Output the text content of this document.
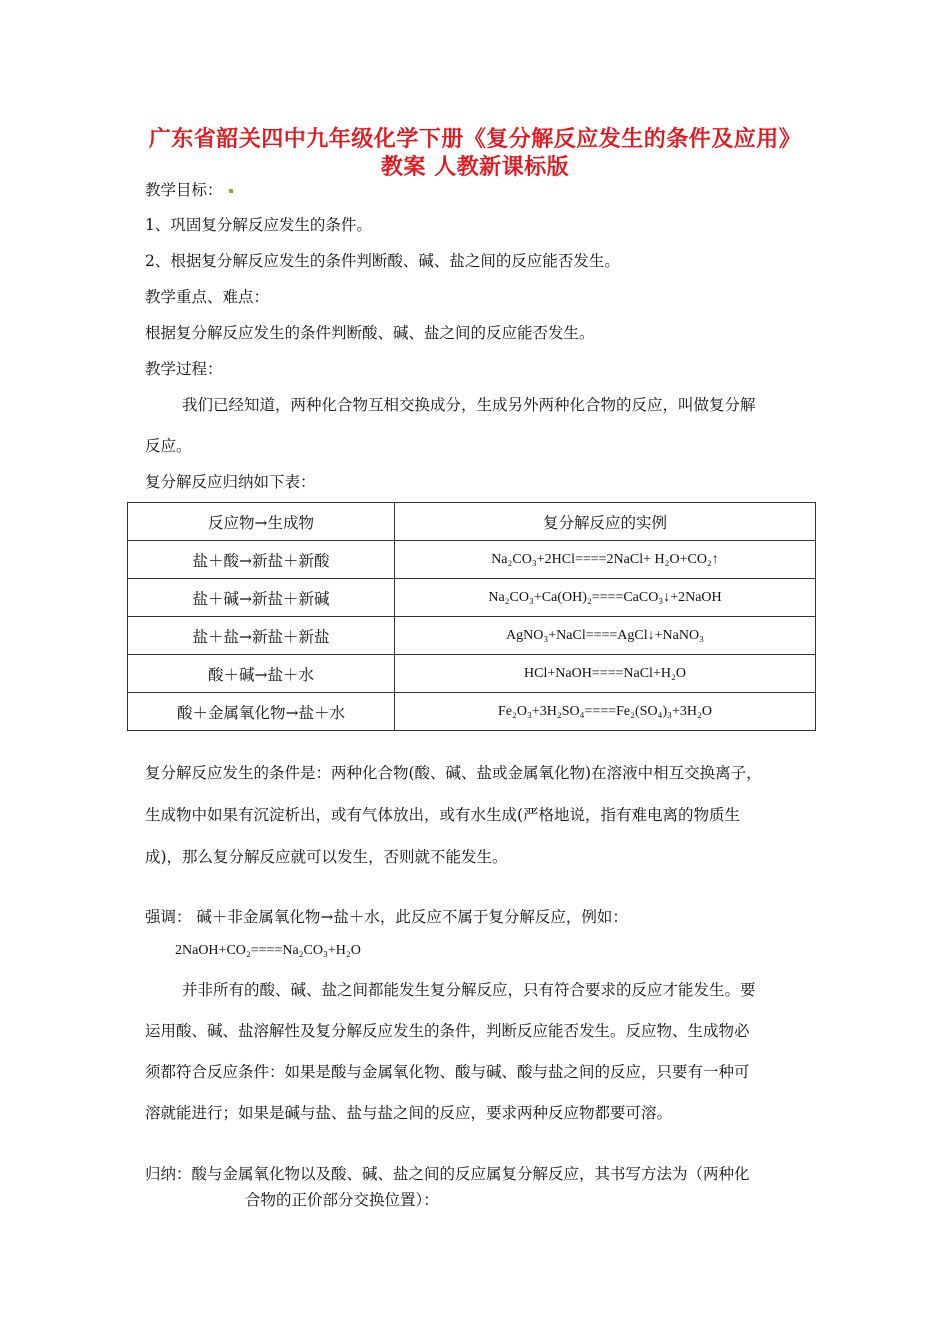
广东省韶关四中九年级化学下册《复分解反应发生的条件及应用》
教案 人教新课标版
教学目标：
1、巩固复分解反应发生的条件。
2、根据复分解反应发生的条件判断酸、碱、盐之间的反应能否发生。
教学重点、难点：
根据复分解反应发生的条件判断酸、碱、盐之间的反应能否发生。
教学过程：
我们已经知道，两种化合物互相交换成分，生成另外两种化合物的反应，叫做复分解
反应。
复分解反应归纳如下表：
反应物→生成物	复分解反应的实例
盐＋酸→新盐＋新酸	Na₂CO₃+2HCl====2NaCl+ H₂O+CO₂↑
盐＋碱→新盐＋新碱	Na₂CO₃+Ca(OH)₂====CaCO₃↓+2NaOH
盐＋盐→新盐＋新盐	AgNO₃+NaCl====AgCl↓+NaNO₃
酸＋碱→盐＋水	HCl+NaOH====NaCl+H₂O
酸＋金属氧化物→盐＋水	Fe₂O₃+3H₂SO₄====Fe₂(SO₄)₃+3H₂O
复分解反应发生的条件是：两种化合物(酸、碱、盐或金属氧化物)在溶液中相互交换离子，
生成物中如果有沉淀析出，或有气体放出，或有水生成(严格地说，指有难电离的物质生
成)，那么复分解反应就可以发生，否则就不能发生。
强调： 碱＋非金属氧化物→盐＋水，此反应不属于复分解反应，例如：
2NaOH+CO₂====Na₂CO₃+H₂O
并非所有的酸、碱、盐之间都能发生复分解反应，只有符合要求的反应才能发生。要
运用酸、碱、盐溶解性及复分解反应发生的条件，判断反应能否发生。反应物、生成物必
须都符合反应条件：如果是酸与金属氧化物、酸与碱、酸与盐之间的反应，只要有一种可
溶就能进行；如果是碱与盐、盐与盐之间的反应，要求两种反应物都要可溶。
归纳：酸与金属氧化物以及酸、碱、盐之间的反应属复分解反应，其书写方法为（两种化
合物的正价部分交换位置）：
